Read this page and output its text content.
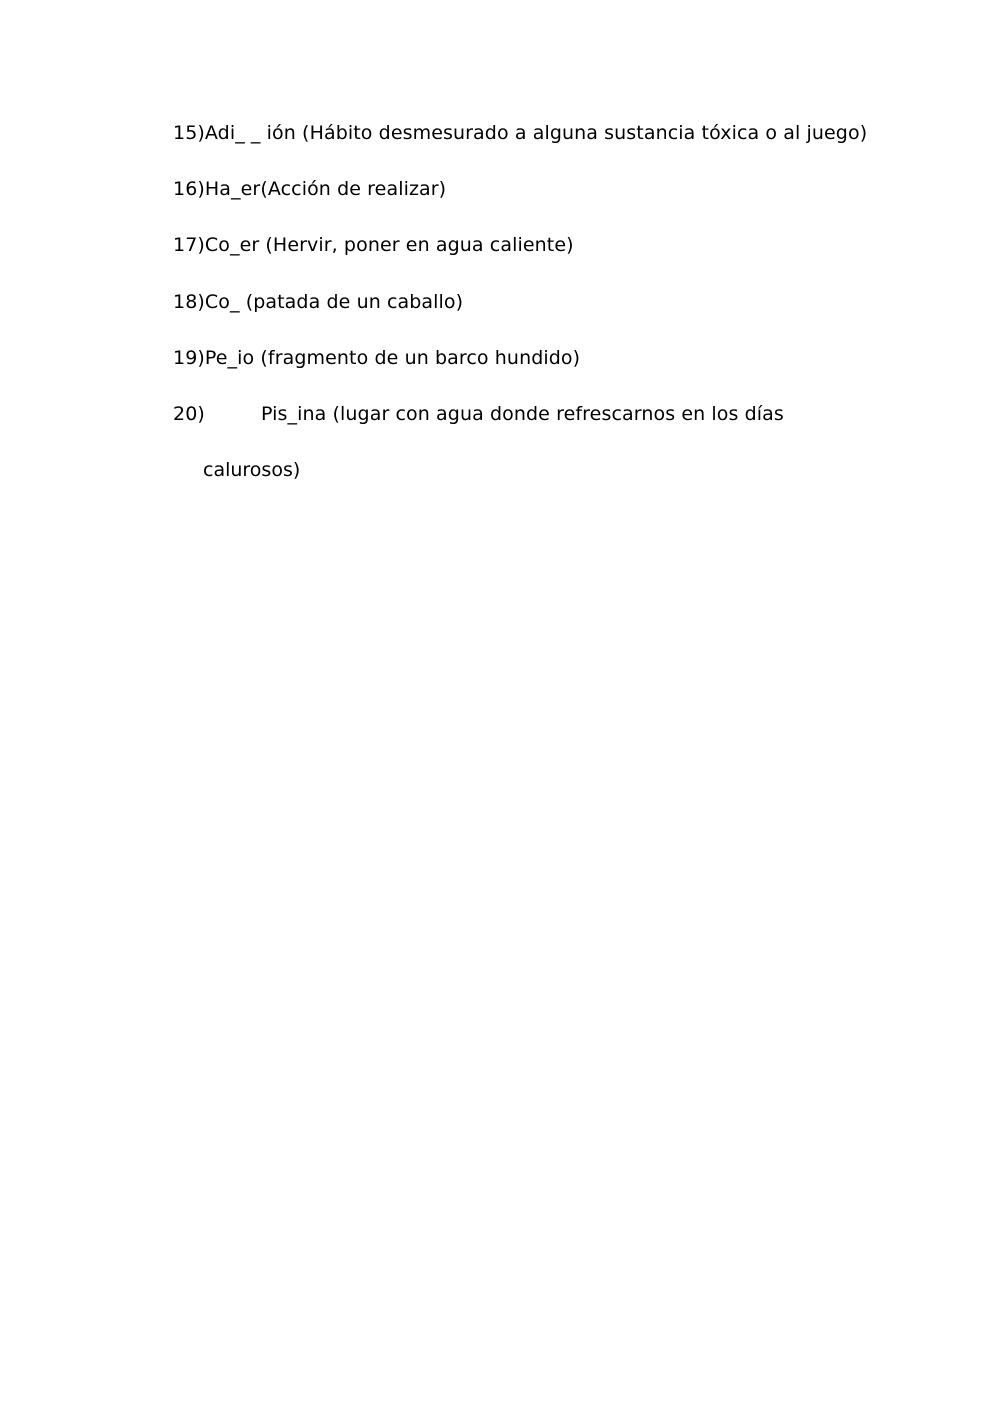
15)Adi_ _ ión (Hábito desmesurado a alguna sustancia tóxica o al juego)
16)Ha_er(Acción de realizar)
17)Co_er (Hervir, poner en agua caliente)
18)Co_ (patada de un caballo)
19)Pe_io (fragmento de un barco hundido)
20)	Pis_ina (lugar con agua donde refrescarnos en los días
calurosos)
